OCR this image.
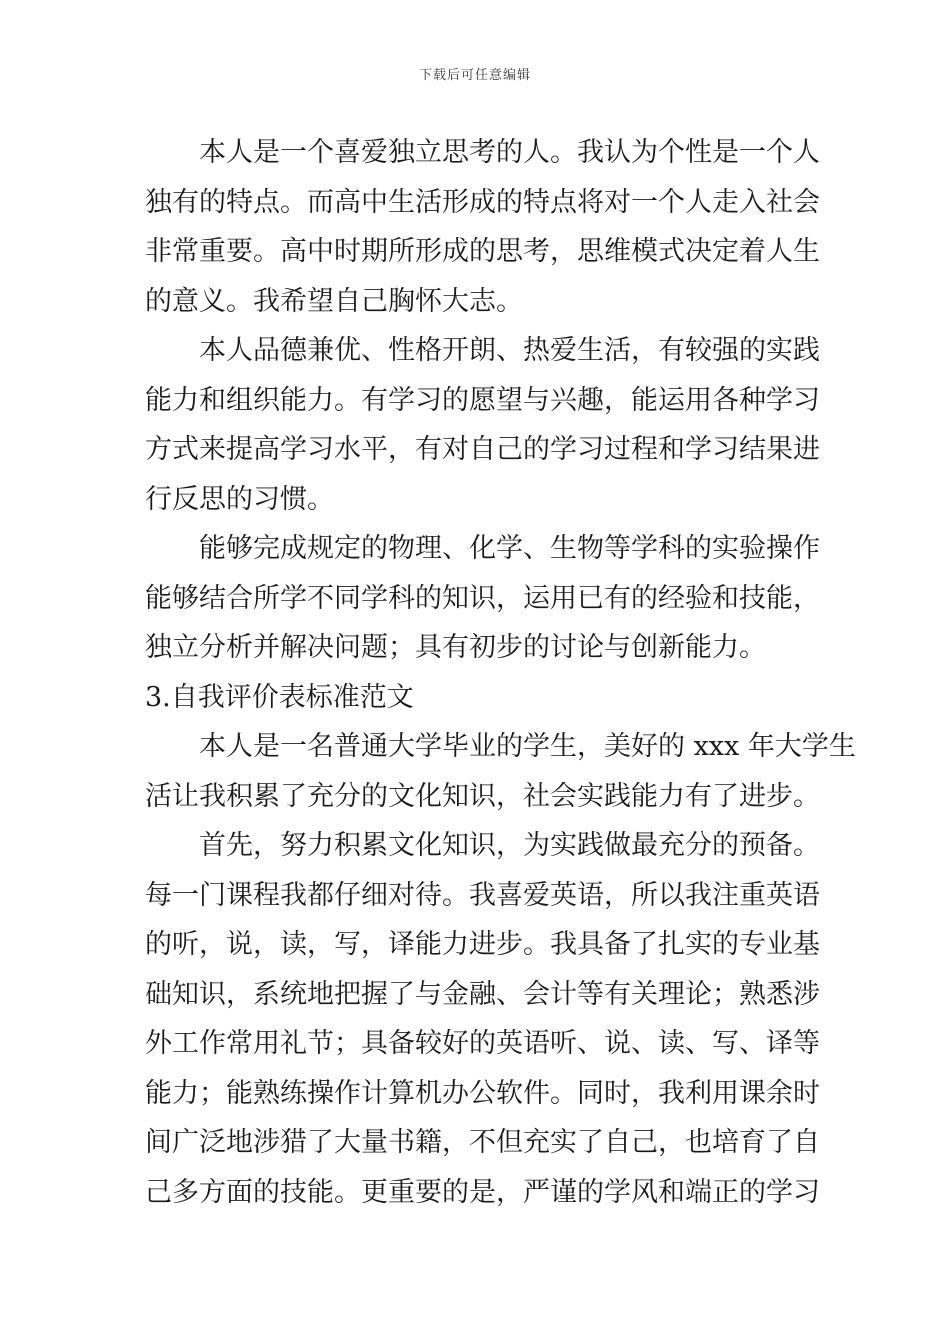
下载后可任意编辑
本人是一个喜爱独立思考的人。我认为个性是一个人
独有的特点。而高中生活形成的特点将对一个人走入社会
非常重要。高中时期所形成的思考，思维模式决定着人生
的意义。我希望自己胸怀大志。
本人品德兼优、性格开朗、热爱生活，有较强的实践
能力和组织能力。有学习的愿望与兴趣，能运用各种学习
方式来提高学习水平，有对自己的学习过程和学习结果进
行反思的习惯。
能够完成规定的物理、化学、生物等学科的实验操作
能够结合所学不同学科的知识，运用已有的经验和技能，
独立分析并解决问题；具有初步的讨论与创新能力。
3.自我评价表标准范文
本人是一名普通大学毕业的学生，美好的 xxx 年大学生
活让我积累了充分的文化知识，社会实践能力有了进步。
首先，努力积累文化知识，为实践做最充分的预备。
每一门课程我都仔细对待。我喜爱英语，所以我注重英语
的听，说，读，写，译能力进步。我具备了扎实的专业基
础知识，系统地把握了与金融、会计等有关理论；熟悉涉
外工作常用礼节；具备较好的英语听、说、读、写、译等
能力；能熟练操作计算机办公软件。同时，我利用课余时
间广泛地涉猎了大量书籍，不但充实了自己，也培育了自
己多方面的技能。更重要的是，严谨的学风和端正的学习
